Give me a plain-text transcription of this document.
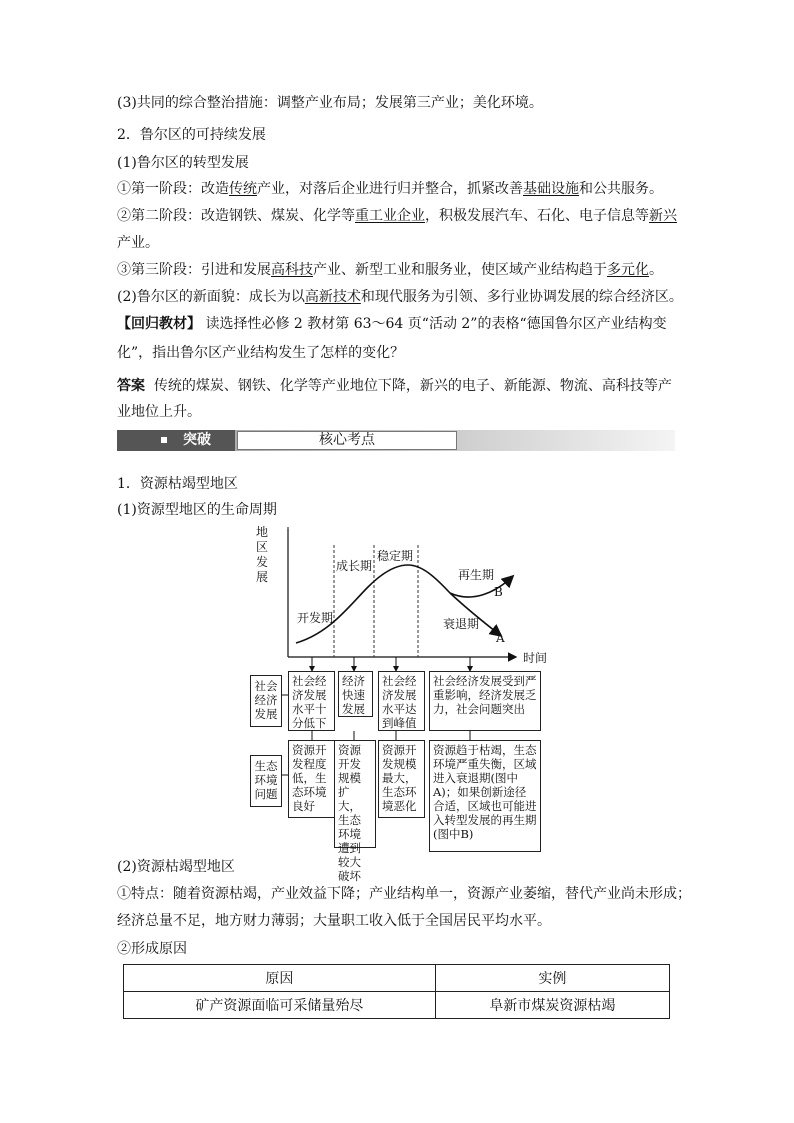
(3)共同的综合整治措施：调整产业布局；发展第三产业；美化环境。
2．鲁尔区的可持续发展
(1)鲁尔区的转型发展
①第一阶段：改造传统产业，对落后企业进行归并整合，抓紧改善基础设施和公共服务。
②第二阶段：改造钢铁、煤炭、化学等重工业企业，积极发展汽车、石化、电子信息等新兴
产业。
③第三阶段：引进和发展高科技产业、新型工业和服务业，使区域产业结构趋于多元化。
(2)鲁尔区的新面貌：成长为以高新技术和现代服务为引领、多行业协调发展的综合经济区。
【回归教材】 读选择性必修 2 教材第 63～64 页“活动 2”的表格“德国鲁尔区产业结构变
化”，指出鲁尔区产业结构发生了怎样的变化？
答案 传统的煤炭、钢铁、化学等产业地位下降，新兴的电子、新能源、物流、高科技等产
业地位上升。
突破	核心考点
1．资源枯竭型地区
(1)资源型地区的生命周期
地
区
发
展
时间
开发期
成长期
稳定期
再生期
B
衰退期
A
社会经济发展
生态环境问题
社会经济发展水平十分低下
经济快速发展
社会经济发展水平达到峰值
社会经济发展受到严重影响，经济发展乏力，社会问题突出
资源开发程度低，生态环境良好
资源开发规模扩大，生态环境遭到较大破坏
资源开发规模最大，生态环境恶化
资源趋于枯竭，生态环境严重失衡，区域进入衰退期(图中A)；如果创新途径合适，区域也可能进入转型发展的再生期(图中B)
(2)资源枯竭型地区
①特点：随着资源枯竭，产业效益下降；产业结构单一，资源产业萎缩，替代产业尚未形成；
经济总量不足，地方财力薄弱；大量职工收入低于全国居民平均水平。
②形成原因
原因	实例
矿产资源面临可采储量殆尽	阜新市煤炭资源枯竭
